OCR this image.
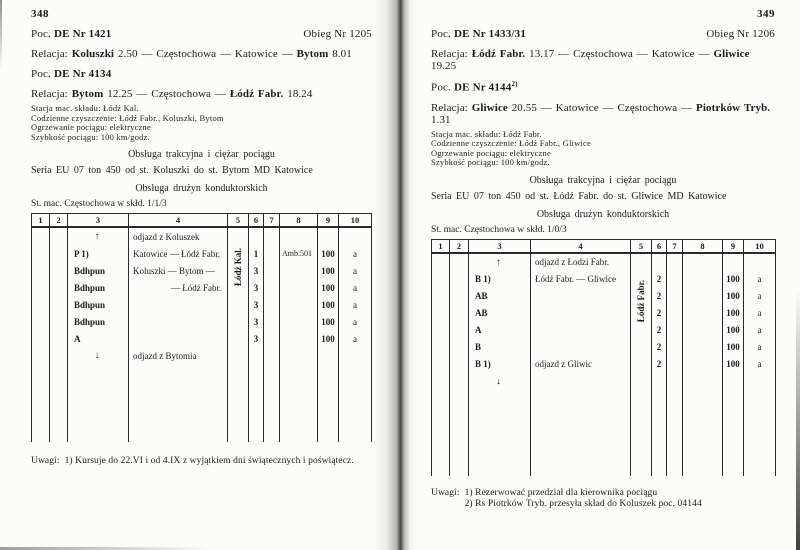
348
Poc. DE Nr 1421	Obieg Nr 1205
Relacja: Koluszki 2.50 — Częstochowa — Katowice — Bytom 8.01
Poc. DE Nr 4134
Relacja: Bytom 12.25 — Częstochowa — Łódź Fabr. 18.24
Stacja mac. składu: Łódź Kal.
Codzienne czyszczenie: Łódź Fabr., Koluszki, Bytom
Ogrzewanie pociągu: elektryczne
Szybkość pociągu: 100 km/godz.
Obsługa trakcyjna i ciężar pociągu
Seria EU 07 ton 450 od st. Koluszki do st. Bytom MD Katowice
Obsługa drużyn konduktorskich
St. mac. Częstochowa w skłd. 1/1/3
1	2	3	4	5	6	7	8	9	10
		↑	odjazd z Koluszek	Łódź Kal.					
		P 1)	Katowice — Łódź Fabr.		1		Amb.501	100	a
		Bdhpun	Koluszki — Bytom —		3			100	a
		Bdhpun	— Łódź Fabr.		3			100	a
		Bdhpun			3			100	a
		Bdhpun			3			100	a
		A			3			100	a
		↓	odjazd z Bytomia						

Uwagi: 1) Kursuje do 22.VI i od 4.IX z wyjątkiem dni świątecznych i poświątecz.
349
Poc. DE Nr 1433/31	Obieg Nr 1206
Relacja: Łódź Fabr. 13.17 — Częstochowa — Katowice — Gliwice 19.25
Poc. DE Nr 4144$^{2)}$
Relacja: Gliwice 20.55 — Katowice — Częstochowa — Piotrków Tryb. 1.31
Stacja mac. składu: Łódź Fabr.
Codzienne czyszczenie: Łódź Fabr., Gliwice
Ogrzewanie pociągu: elektryczne
Szybkość pociągu: 100 km/godz.
Obsługa trakcyjna i ciężar pociągu
Seria EU 07 ton 450 od st. Łódź Fabr. do st. Gliwice MD Katowice
Obsługa drużyn konduktorskich
St. mac. Częstochowa w skłd. 1/0/3
1	2	3	4	5	6	7	8	9	10
		↑	odjazd z Łodzi Fabr.	Łódź Fabr.					
		B 1)	Łódź Fabr. — Gliwice		2			100	a
		AB			2			100	a
		AB			2			100	a
		A			2			100	a
		B			2			100	a
		B 1)	odjazd z Gliwic		2			100	a
		↓							

Uwagi: 1) Rezerwować przedział dla kierownika pociągu
2) Rs Piotrków Tryb. przesyła skład do Koluszek poc. 04144
